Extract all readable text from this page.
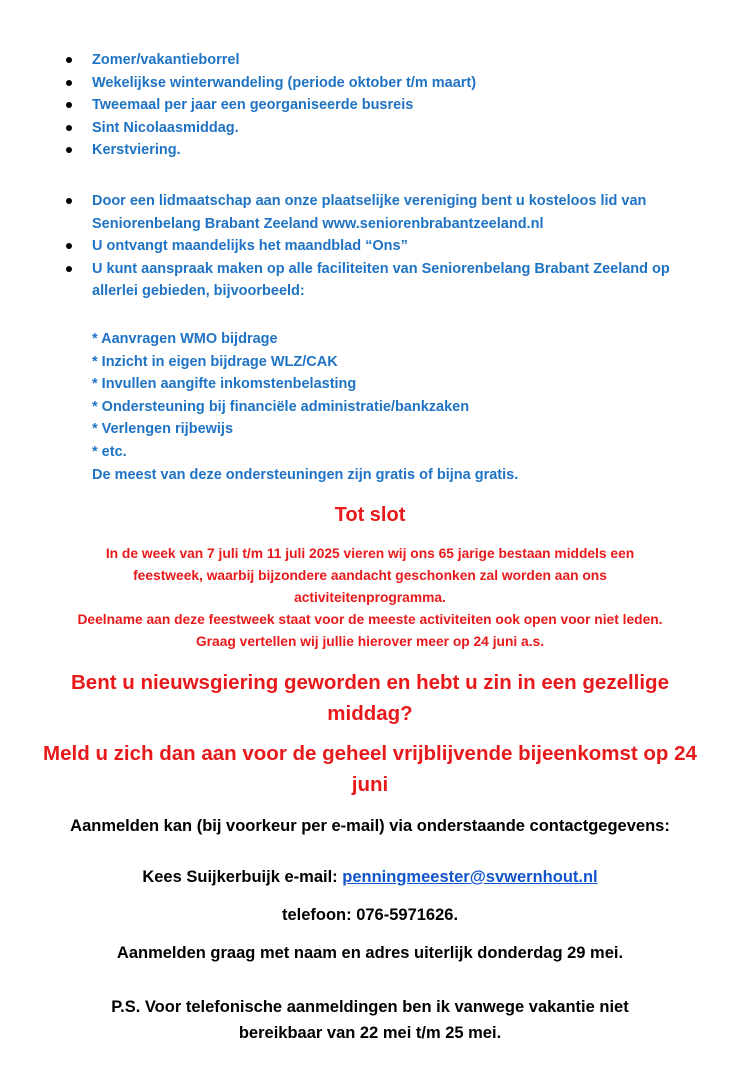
Zomer/vakantieborrel
Wekelijkse winterwandeling (periode oktober t/m maart)
Tweemaal per jaar een georganiseerde busreis
Sint Nicolaasmiddag.
Kerstviering.
Door een lidmaatschap aan onze plaatselijke vereniging bent u kosteloos lid van Seniorenbelang Brabant Zeeland www.seniorenbrabantzeeland.nl
U ontvangt maandelijks het maandblad “Ons”
U kunt aanspraak maken op alle faciliteiten van Seniorenbelang Brabant Zeeland op allerlei gebieden, bijvoorbeeld:
* Aanvragen WMO bijdrage
* Inzicht in eigen bijdrage WLZ/CAK
* Invullen aangifte inkomstenbelasting
* Ondersteuning bij financiële administratie/bankzaken
* Verlengen rijbewijs
* etc.
De meest van deze ondersteuningen zijn gratis of bijna gratis.
Tot slot
In de week van 7 juli t/m 11 juli 2025 vieren wij ons 65 jarige bestaan middels een
feestweek, waarbij bijzondere aandacht geschonken zal worden aan ons
activiteitenprogramma.
Deelname aan deze feestweek staat voor de meeste activiteiten ook open voor niet leden.
Graag vertellen wij jullie hierover meer op 24 juni a.s.
Bent u nieuwsgiering geworden en hebt u zin in een gezellige middag?
Meld u zich dan aan voor de geheel vrijblijvende bijeenkomst op 24 juni
Aanmelden kan (bij voorkeur per e-mail) via onderstaande contactgegevens:
Kees Suijkerbuijk e-mail: penningmeester@svwernhout.nl
telefoon: 076-5971626.
Aanmelden graag met naam en adres uiterlijk donderdag 29 mei.
P.S. Voor telefonische aanmeldingen ben ik vanwege vakantie niet
bereikbaar van 22 mei t/m 25 mei.
